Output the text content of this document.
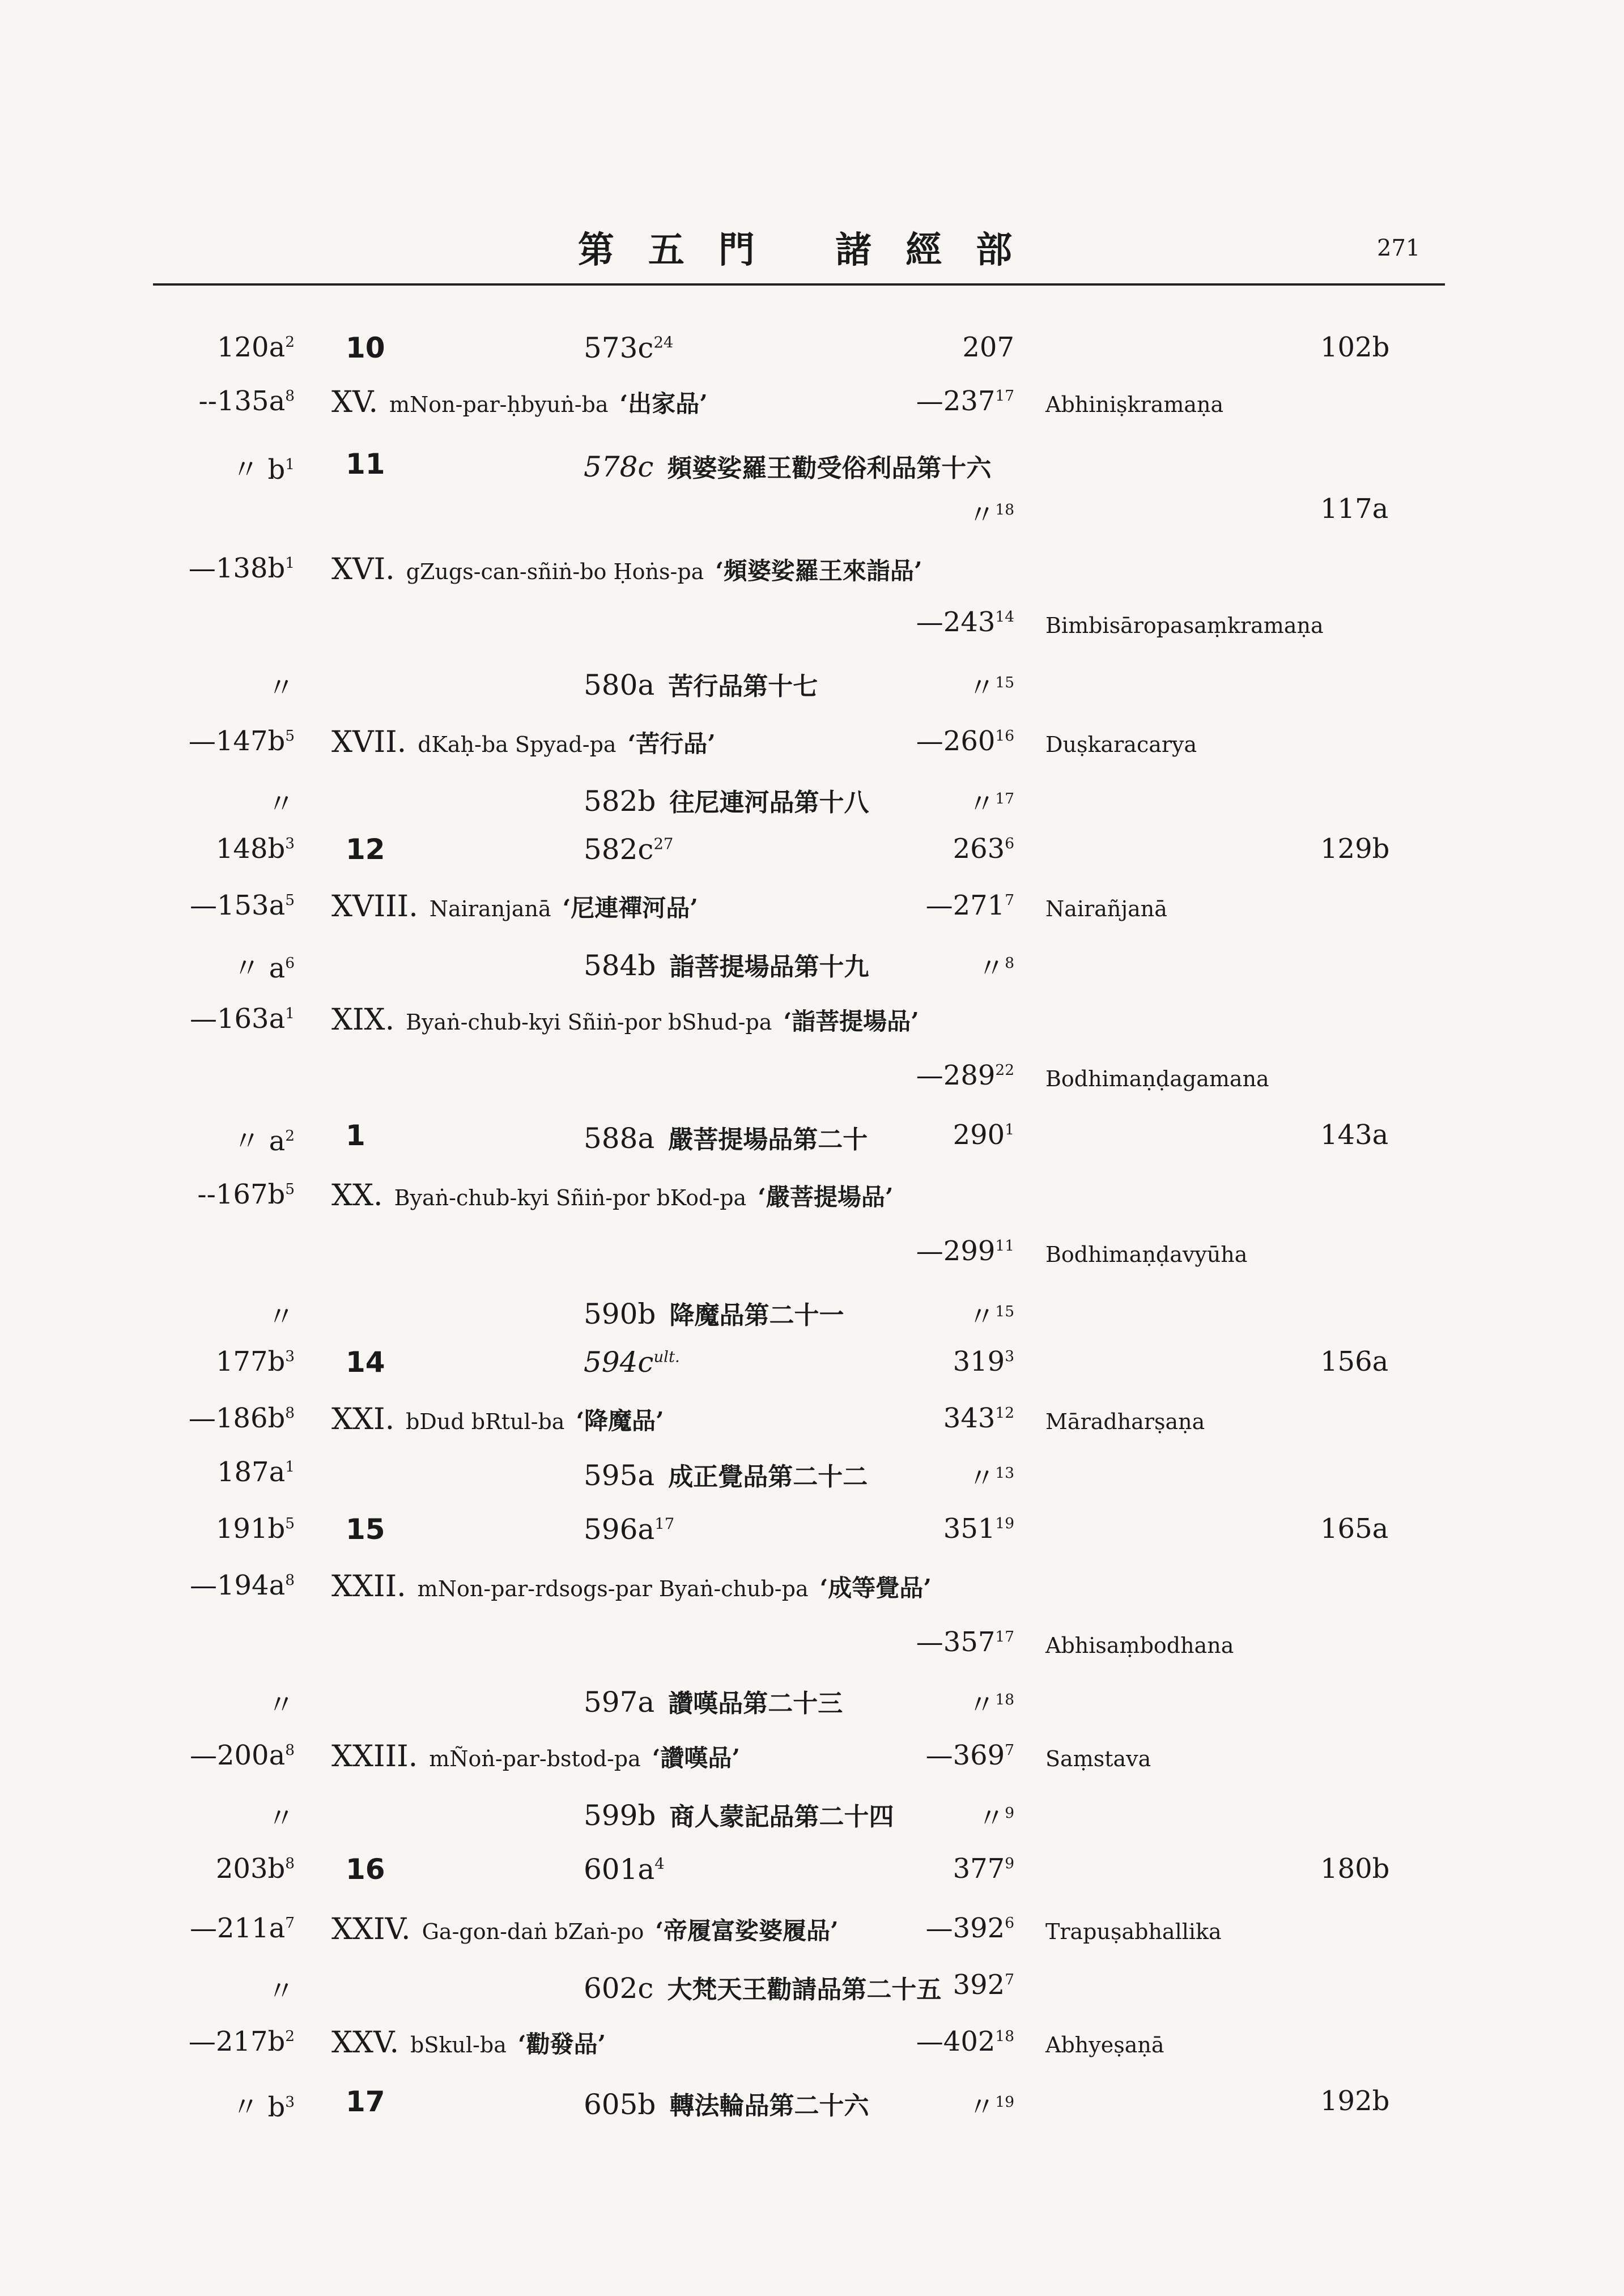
第五門 諸經部	271
$120a^2$ 10	$573c^{24}$	207	102b
$--135a^8$ XV. mNon-par-ḥbyuṅ-ba ‘出家品’	$—237^{17}$ Abhiniṣkramaṇa
〃 $b^1$ 11	578c 頻婆娑羅王勸受俗利品第十六
〃$^{18}$	117a
$—138b^1$ XVI. gZugs-can-sñiṅ-bo Ḥoṅs-pa ‘頻婆娑羅王來詣品’
$—243^{14}$ Bimbisāropasaṃkramaṇa
〃	580a 苦行品第十七	〃$^{15}$
$—147b^5$ XVII. dKaḥ-ba Spyad-pa ‘苦行品’	$—260^{16}$ Duṣkaracarya
〃	582b 往尼連河品第十八	〃$^{17}$
$148b^3$ 12	$582c^{27}$	$263^6$	129b
$—153a^5$ XVIII. Nairanjanā ‘尼連禪河品’	$—271^7$ Nairañjanā
〃 $a^6$	584b 詣菩提場品第十九	〃$^8$
$—163a^1$ XIX. Byaṅ-chub-kyi Sñiṅ-por bShud-pa ‘詣菩提場品’
$—289^{22}$ Bodhimaṇḍagamana
〃 $a^2$ 1	588a 嚴菩提場品第二十	$290^1$	143a
$--167b^5$ XX. Byaṅ-chub-kyi Sñiṅ-por bKod-pa ‘嚴菩提場品’
$—299^{11}$ Bodhimaṇḍavyūha
〃	590b 降魔品第二十一	〃$^{15}$
$177b^3$ 14	$594c^{ult.}$	$319^3$	156a
$—186b^8$ XXI. bDud bRtul-ba ‘降魔品’	$343^{12}$ Māradharṣaṇa
$187a^1$	595a 成正覺品第二十二	〃$^{13}$
$191b^5$ 15	$596a^{17}$	$351^{19}$	165a
$—194a^8$ XXII. mNon-par-rdsogs-par Byaṅ-chub-pa ‘成等覺品’
$—357^{17}$ Abhisaṃbodhana
〃	597a 讚嘆品第二十三	〃$^{18}$
$—200a^8$ XXIII. mÑoṅ-par-bstod-pa ‘讚嘆品’	$—369^7$ Saṃstava
〃	599b 商人蒙記品第二十四	〃$^9$
$203b^8$ 16	$601a^4$	$377^9$	180b
$—211a^7$ XXIV. Ga-gon-daṅ bZaṅ-po ‘帝履富娑婆履品’	$—392^6$ Trapuṣabhallika
〃	602c 大梵天王勸請品第二十五 $392^7$
$—217b^2$ XXV. bSkul-ba ‘勸發品’	$—402^{18}$ Abhyeṣaṇā
〃 $b^3$ 17	605b 轉法輪品第二十六	〃$^{19}$	192b
